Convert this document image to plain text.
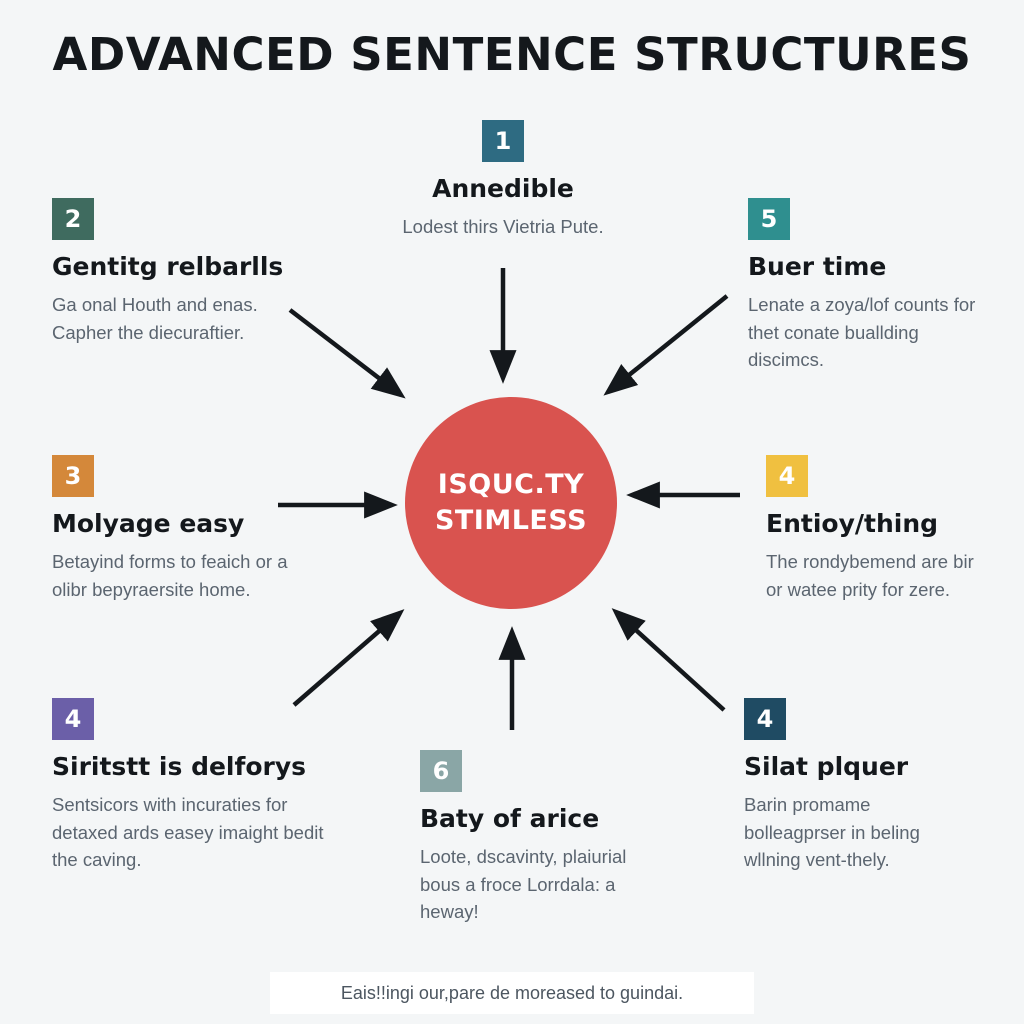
ADVANCED SENTENCE STRUCTURES
ISQUC.TY
STIMLESS
1
Annedible
Lodest thirs Vietria Pute.
2
Gentitg relbarlls
Ga onal Houth and enas. Capher the diecuraftier.
5
Buer time
Lenate a zoya/lof counts for thet conate buallding discimcs.
3
Molyage easy
Betayind forms to feaich or a olibr bepyraersite home.
4
Entioy/thing
The rondybemend are bir or watee prity for zere.
4
Siritstt is delforys
Sentsicors with incuraties for detaxed ards easey imaight bedit the caving.
6
Baty of arice
Loote, dscavinty, plaiurial bous a froce Lorrdala: a heway!
4
Silat plquer
Barin promame bolleagprser in beling wllning vent-thely.
Eais!!ingi our,pare de moreased to guindai.
